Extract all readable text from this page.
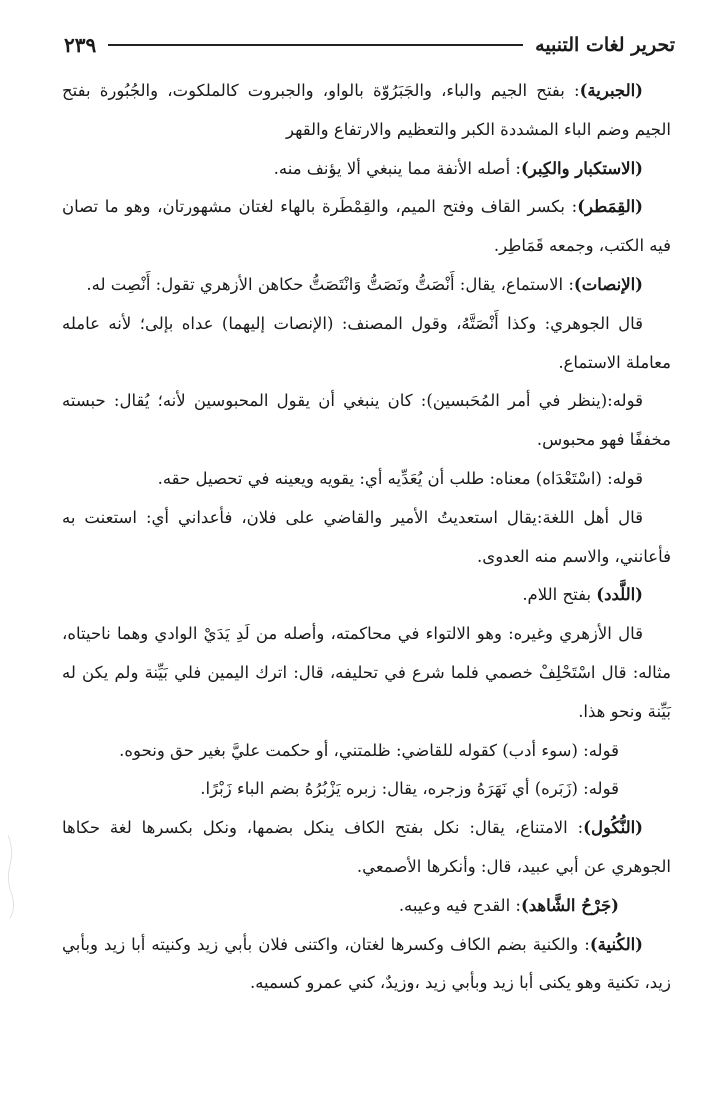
تحرير لغات التنبيه
٢٣٩

(الجبرية): بفتح الجيم والباء، والجَبَرُوّة بالواو، والجبروت كالملكوت، والجُبُورة بفتح الجيم وضم الباء المشددة الكبر والتعظيم والارتفاع والقهر

(الاستكبار والكِبر): أصله الأنفة مما ينبغي ألا يؤنف منه.

(القِمَطر): بكسر القاف وفتح الميم، والقِمْطَرة بالهاء لغتان مشهورتان، وهو ما تصان فيه الكتب، وجمعه قَمَاطِر.

(الإنصات): الاستماع، يقال: أَنْصَتُّ ونَصَتُّ وَانْتَصَتُّ حكاهن الأزهري تقول: أَنْصِت له.

قال الجوهري: وكذا أَنْصَتَّهُ، وقول المصنف: (الإنصات إليهما) عداه بإلى؛ لأنه عامله معاملة الاستماع.

قوله:(ينظر في أمر المُحَبسين): كان ينبغي أن يقول المحبوسين لأنه؛ يُقال: حبسته مخففًا فهو محبوس.

قوله: (اسْتَعْدَاه) معناه: طلب أن يُعَدِّيه أي: يقويه ويعينه في تحصيل حقه.

قال أهل اللغة:يقال استعديتُ الأمير والقاضي على فلان، فأعداني أي: استعنت به فأعانني، والاسم منه العدوى.

(اللَّدد) بفتح اللام.

قال الأزهري وغيره: وهو الالتواء في محاكمته، وأصله من لَدِ يَدَيْ الوادي وهما ناحيتاه، مثاله: قال اسْتَحْلِفْ خصمي فلما شرع في تحليفه، قال: اترك اليمين فلي بَيِّنة ولم يكن له بَيِّنة ونحو هذا.

قوله: (سوء أدب) كقوله للقاضي: ظلمتني، أو حكمت عليَّ بغير حق ونحوه.

قوله: (زَبَره) أي نَهَرَهُ وزجره، يقال: زبره يَزْبُرُهُ بضم الباء زَبْرًا.

(النُّكُول): الامتناع، يقال: نكل بفتح الكاف ينكل بضمها، ونكل بكسرها لغة حكاها الجوهري عن أبي عبيد، قال: وأنكرها الأصمعي.

(جَرْحُ الشَّاهد): القدح فيه وعيبه.

(الكُنية): والكنية بضم الكاف وكسرها لغتان، واكتنى فلان بأبي زيد وكنيته أبا زيد وبأبي زيد، تكنية وهو يكنى أبا زيد وبأبي زيد ،وزيدٌ، كني عمرو كسميه.
